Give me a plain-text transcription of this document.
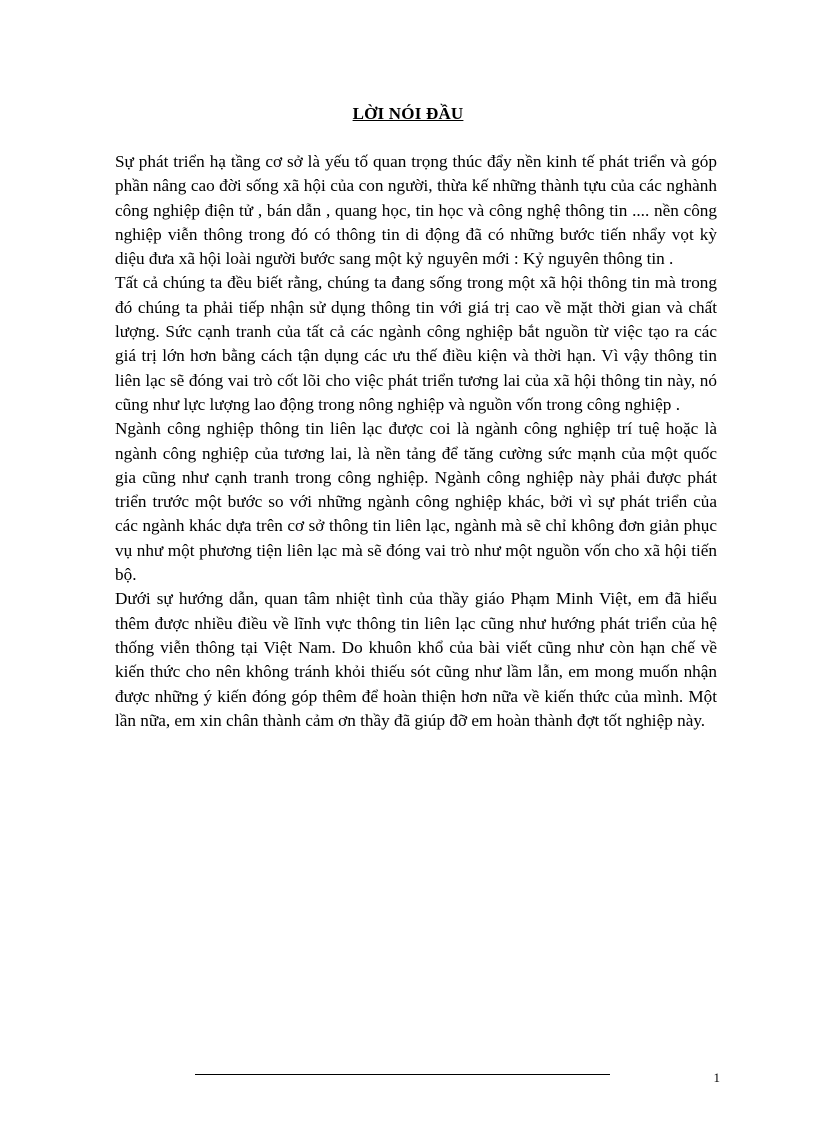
LỜI NÓI ĐẦU

Sự phát triển hạ tầng cơ sở là yếu tố quan trọng thúc đẩy nền kinh tế phát triển và góp phần nâng cao đời sống xã hội của con người, thừa kế những thành tựu của các nghành công nghiệp điện tử , bán dẫn , quang học, tin học và công nghệ thông tin .... nền công nghiệp viễn thông trong đó có thông tin di động đã có những bước tiến nhẩy vọt kỳ diệu đưa xã hội loài người bước sang một kỷ nguyên mới : Kỷ nguyên thông tin .

Tất cả chúng ta đều biết rằng, chúng ta đang sống trong một xã hội thông tin mà trong đó chúng ta phải tiếp nhận sử dụng thông tin với giá trị cao về mặt thời gian và chất lượng. Sức cạnh tranh của tất cả các ngành công nghiệp bắt nguồn từ việc tạo ra các giá trị lớn hơn bằng cách tận dụng các ưu thế điều kiện và thời hạn. Vì vậy thông tin liên lạc sẽ đóng vai trò cốt lõi cho việc phát triển tương lai của xã hội thông tin này, nó cũng như lực lượng lao động trong nông nghiệp và nguồn vốn trong công nghiệp .

Ngành công nghiệp thông tin liên lạc được coi là ngành công nghiệp trí tuệ hoặc là ngành công nghiệp của tương lai, là nền tảng để tăng cường sức mạnh của một quốc gia cũng như cạnh tranh trong công nghiệp. Ngành công nghiệp này phải được phát triển trước một bước so với những ngành công nghiệp khác, bởi vì sự phát triển của các ngành khác dựa trên cơ sở thông tin liên lạc, ngành mà sẽ chỉ không đơn giản phục vụ như một phương tiện liên lạc mà sẽ đóng vai trò như một nguồn vốn cho xã hội tiến bộ.

Dưới sự hướng dẫn, quan tâm nhiệt tình của thầy giáo Phạm Minh Việt, em đã hiểu thêm được nhiều điều về lĩnh vực thông tin liên lạc cũng như hướng phát triển của hệ thống viễn thông tại Việt Nam. Do khuôn khổ của bài viết cũng như còn hạn chế về kiến thức cho nên không tránh khỏi thiếu sót cũng như lầm lẫn, em mong muốn nhận được những ý kiến đóng góp thêm để hoàn thiện hơn nữa về kiến thức của mình. Một lần nữa, em xin chân thành cảm ơn thầy đã giúp đỡ em hoàn thành đợt tốt nghiệp này.

1
